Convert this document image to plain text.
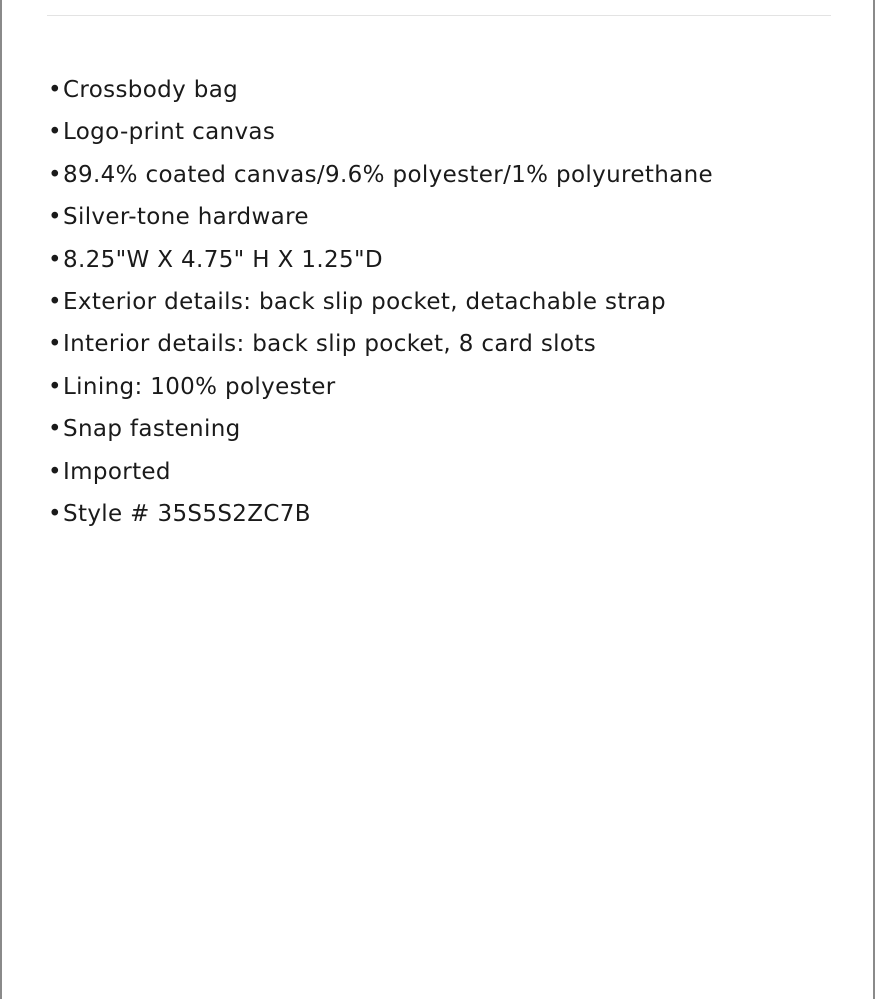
• Crossbody bag
• Logo-print canvas
• 89.4% coated canvas/9.6% polyester/1% polyurethane
• Silver-tone hardware
• 8.25"W X 4.75" H X 1.25"D
• Exterior details: back slip pocket, detachable strap
• Interior details: back slip pocket, 8 card slots
• Lining: 100% polyester
• Snap fastening
• Imported
• Style # 35S5S2ZC7B
